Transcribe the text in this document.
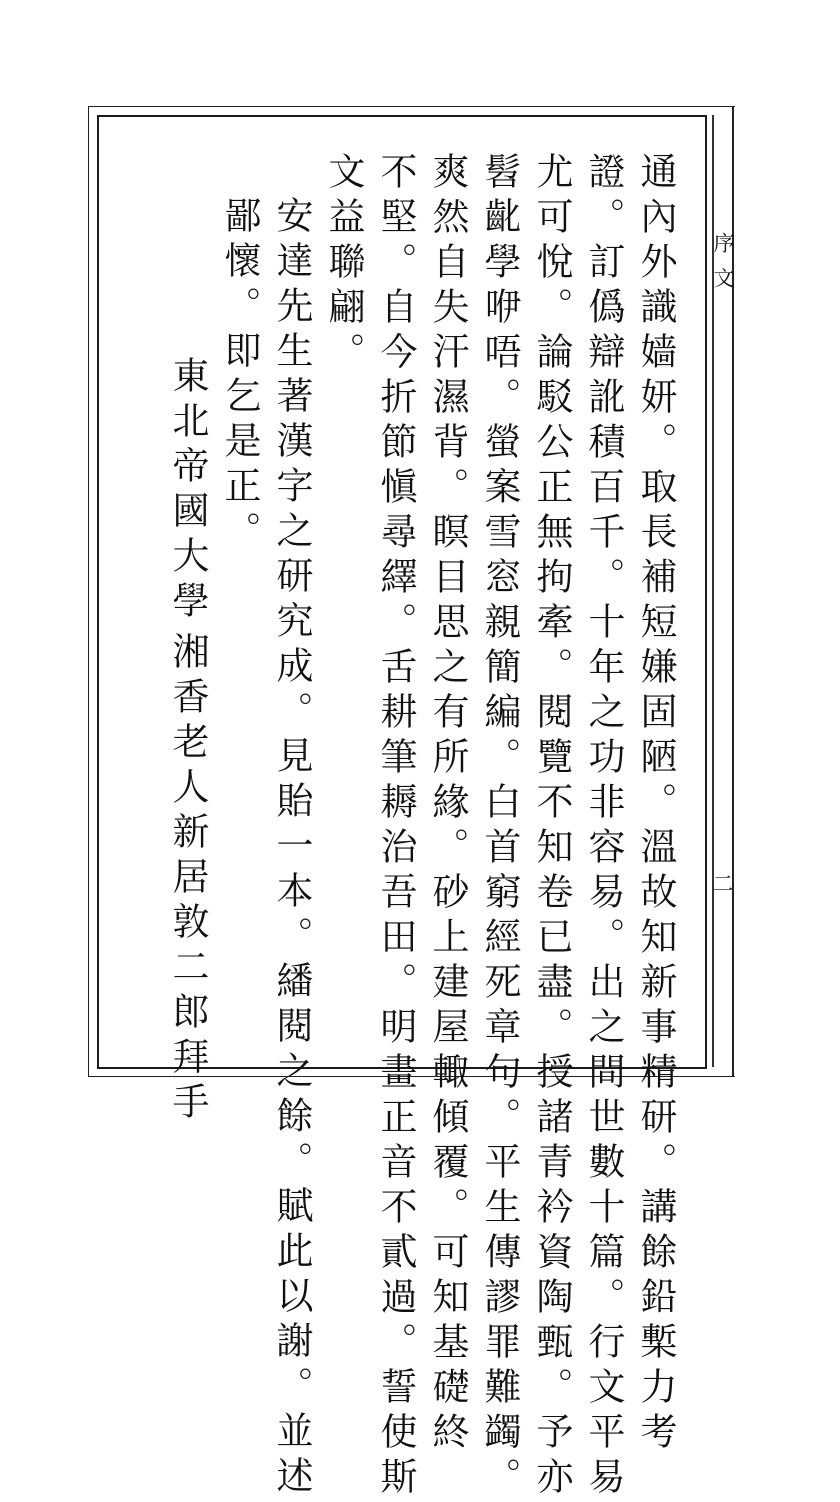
序文
二
通內外識嫱妍。取長補短嫌固陋。溫故知新事精研。講餘鉛槧力考
證。訂僞辯訛積百千。十年之功非容易。出之問世數十篇。行文平易
尤可悅。論駁公正無拘牽。閱覽不知卷已盡。授諸青衿資陶甄。予亦
髫齔學咿唔。螢案雪窓親簡編。白首窮經死章句。平生傳謬罪難蠲。
爽然自失汗濕背。瞑目思之有所緣。砂上建屋輙傾覆。可知基礎終
不堅。自今折節愼尋繹。舌耕筆耨治吾田。明畫正音不貳過。誓使斯
文益聯翩。
安達先生著漢字之研究成。見貽一本。繙閱之餘。賦此以謝。並述
鄙懷。即乞是正。
東北帝國大學
湘香老人新居敦二郎拜手
